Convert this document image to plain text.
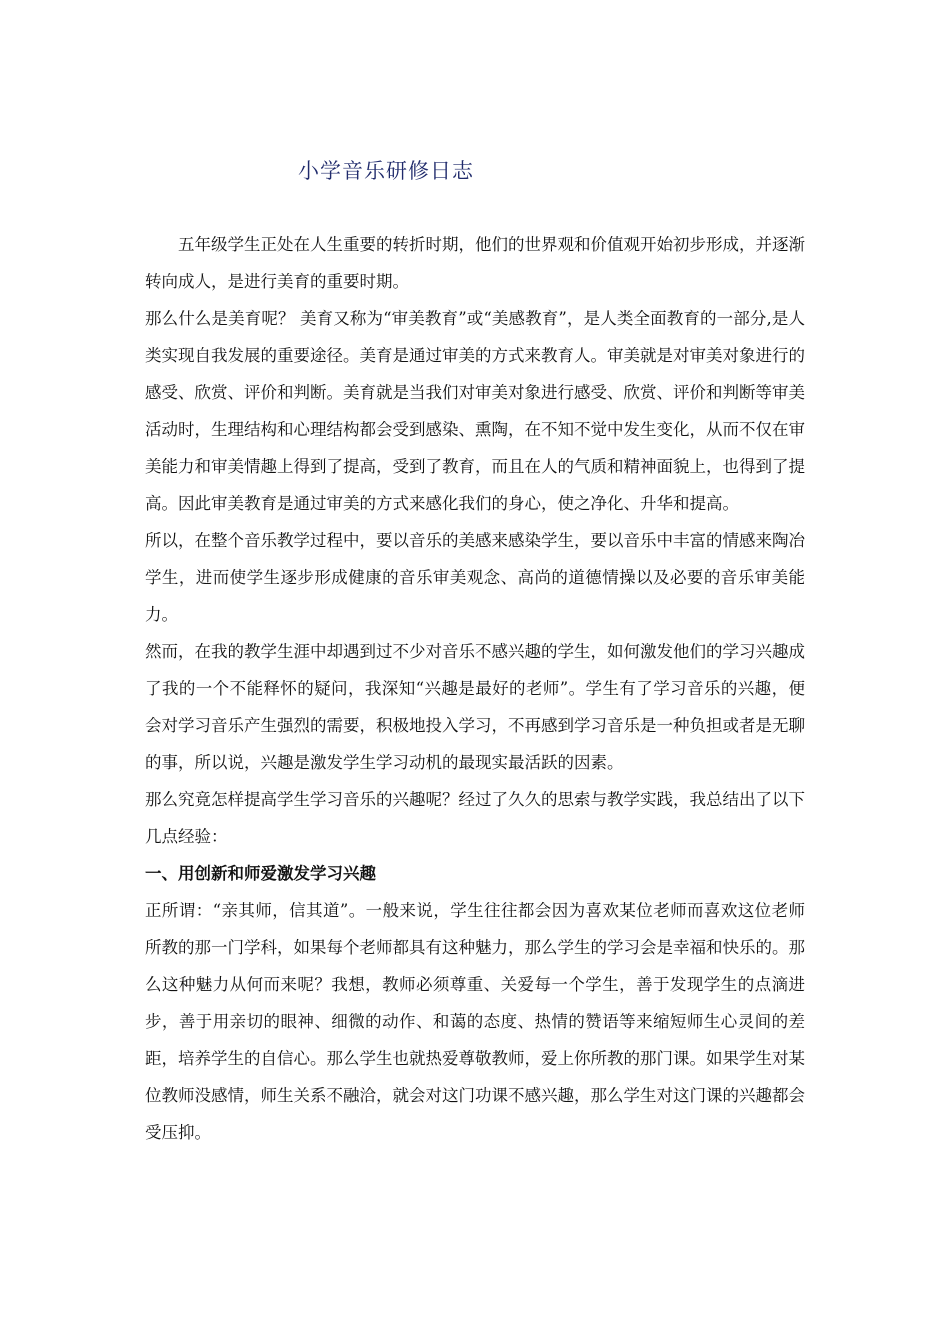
小学音乐研修日志

五年级学生正处在人生重要的转折时期，他们的世界观和价值观开始初步形成，并逐渐转向成人，是进行美育的重要时期。

那么什么是美育呢？ 美育又称为“审美教育”或“美感教育”，是人类全面教育的一部分,是人类实现自我发展的重要途径。美育是通过审美的方式来教育人。审美就是对审美对象进行的感受、欣赏、评价和判断。美育就是当我们对审美对象进行感受、欣赏、评价和判断等审美活动时，生理结构和心理结构都会受到感染、熏陶，在不知不觉中发生变化，从而不仅在审美能力和审美情趣上得到了提高，受到了教育，而且在人的气质和精神面貌上，也得到了提高。因此审美教育是通过审美的方式来感化我们的身心，使之净化、升华和提高。

所以，在整个音乐教学过程中，要以音乐的美感来感染学生，要以音乐中丰富的情感来陶冶学生，进而使学生逐步形成健康的音乐审美观念、高尚的道德情操以及必要的音乐审美能力。

然而，在我的教学生涯中却遇到过不少对音乐不感兴趣的学生，如何激发他们的学习兴趣成了我的一个不能释怀的疑问，我深知“兴趣是最好的老师”。学生有了学习音乐的兴趣，便会对学习音乐产生强烈的需要，积极地投入学习，不再感到学习音乐是一种负担或者是无聊的事，所以说，兴趣是激发学生学习动机的最现实最活跃的因素。

那么究竟怎样提高学生学习音乐的兴趣呢？经过了久久的思索与教学实践，我总结出了以下几点经验：

一、用创新和师爱激发学习兴趣

正所谓：“亲其师，信其道”。一般来说，学生往往都会因为喜欢某位老师而喜欢这位老师所教的那一门学科，如果每个老师都具有这种魅力，那么学生的学习会是幸福和快乐的。那么这种魅力从何而来呢？我想，教师必须尊重、关爱每一个学生，善于发现学生的点滴进步，善于用亲切的眼神、细微的动作、和蔼的态度、热情的赞语等来缩短师生心灵间的差距，培养学生的自信心。那么学生也就热爱尊敬教师，爱上你所教的那门课。如果学生对某位教师没感情，师生关系不融洽，就会对这门功课不感兴趣，那么学生对这门课的兴趣都会受压抑。
